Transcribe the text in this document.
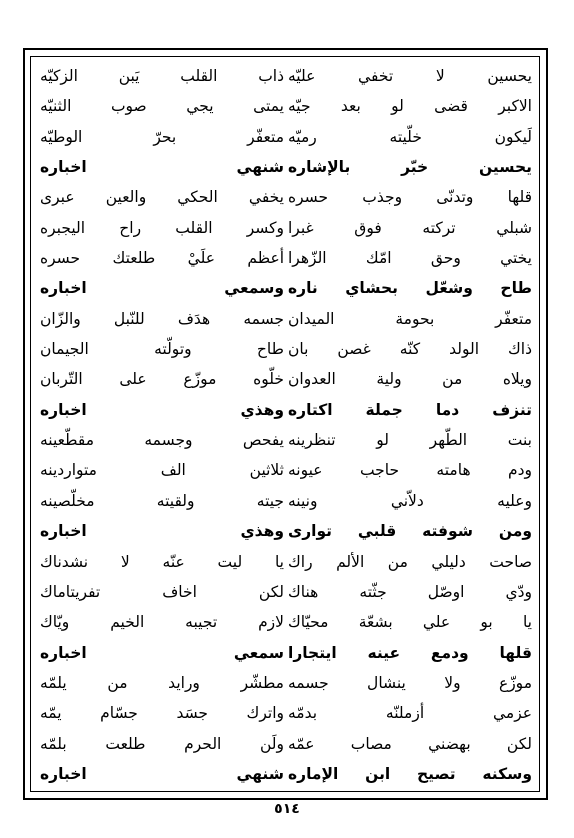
يحسين لا تخفي عليّه
ذاب القلب يَبن الزكيّه
الاكبر قضى لو بعد جيّه
يمتى يجي صوب الثنيّه
لَيكون خلّيته رميّه
متعفّر بحرّ الوطيّه
يحسين خبّر بالإشاره
شنهي اخباره
قلها وتدنّى وجذب حسره
يخفي الحكي والعين عبرى
شبلي تركته فوق غبرا
وكسر القلب راح اليجبره
يختي وحق امّك الزّهرا
أعظم علَيْ طلعتك حسره
طاح وشعّل بحشاي ناره
وسمعي اخباره
متعفّر بحومة الميدان
جسمه هدَف للنّبل والزّان
ذاك الولد كنّه غصن بان
طاح وتولّته الجيمان
ويلاه من ولية العدوان
خلّوه موزّع على التّربان
تنزف دما جملة اكتاره
وهذي اخباره
بنت الطّهر لو تنظرينه
يفحص وجسمه مقطّعينه
ودم هامته حاجب عيونه
ثلاثين الف متواردينه
وعليه دلاّني ونينه
جيته ولقيته مخلّصينه
ومن شوفته قلبي توارى
وهذي اخباره
صاحت دليلي من الألم راك
يا ليت عنّه لا نشدناك
ودّي اوصّل جثّته هناك
لكن اخاف تفريتاماك
يا بو علي بشعّة محيّاك
لازم تجيبه الخيم ويّاك
قلها ودمع عينه ايتجارا
سمعي اخباره
موزّع ولا ينشال جسمه
مطشّر ورايد من يلمّه
عزمي أزملنّه بدمّه
واترك جسَد جسّام يمّه
لكن بهضني مصاب عمّه
ولَن الحرم طلعت بلمّه
وسكنه تصيح ابن الإماره
شنهي اخباره
٥١٤
